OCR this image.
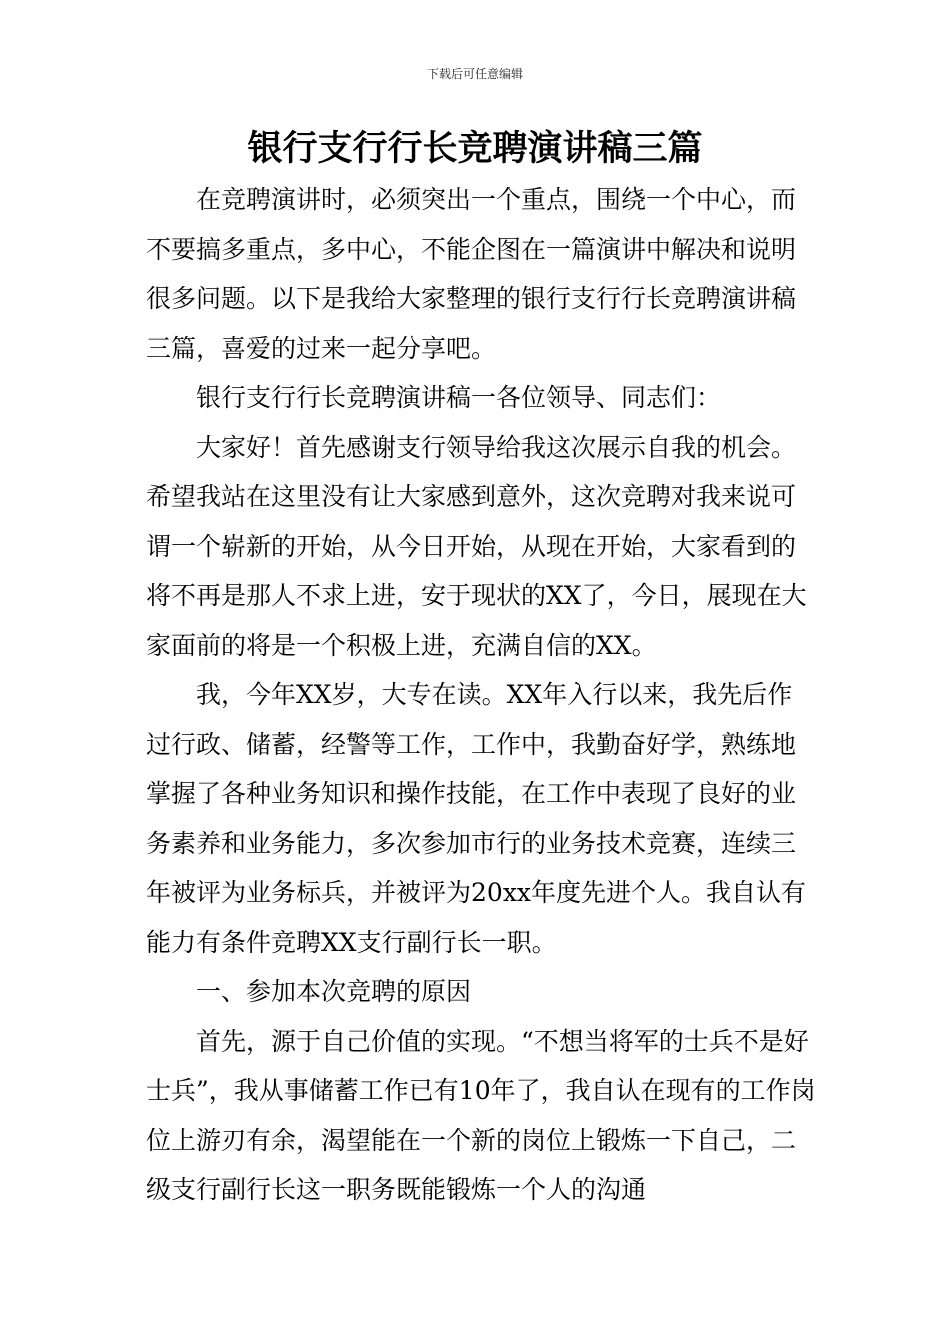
下载后可任意编辑
银行支行行长竞聘演讲稿三篇

在竞聘演讲时，必须突出一个重点，围绕一个中心，而不要搞多重点，多中心，不能企图在一篇演讲中解决和说明很多问题。以下是我给大家整理的银行支行行长竞聘演讲稿三篇，喜爱的过来一起分享吧。

银行支行行长竞聘演讲稿一各位领导、同志们：

大家好！首先感谢支行领导给我这次展示自我的机会。希望我站在这里没有让大家感到意外，这次竞聘对我来说可谓一个崭新的开始，从今日开始，从现在开始，大家看到的将不再是那人不求上进，安于现状的XX了，今日，展现在大家面前的将是一个积极上进，充满自信的XX。

我，今年XX岁，大专在读。XX年入行以来，我先后作过行政、储蓄，经警等工作，工作中，我勤奋好学，熟练地掌握了各种业务知识和操作技能，在工作中表现了良好的业务素养和业务能力，多次参加市行的业务技术竞赛，连续三年被评为业务标兵，并被评为20xx年度先进个人。我自认有能力有条件竞聘XX支行副行长一职。

一、参加本次竞聘的原因

首先，源于自己价值的实现。“不想当将军的士兵不是好士兵”，我从事储蓄工作已有10年了，我自认在现有的工作岗位上游刃有余，渴望能在一个新的岗位上锻炼一下自己，二级支行副行长这一职务既能锻炼一个人的沟通
